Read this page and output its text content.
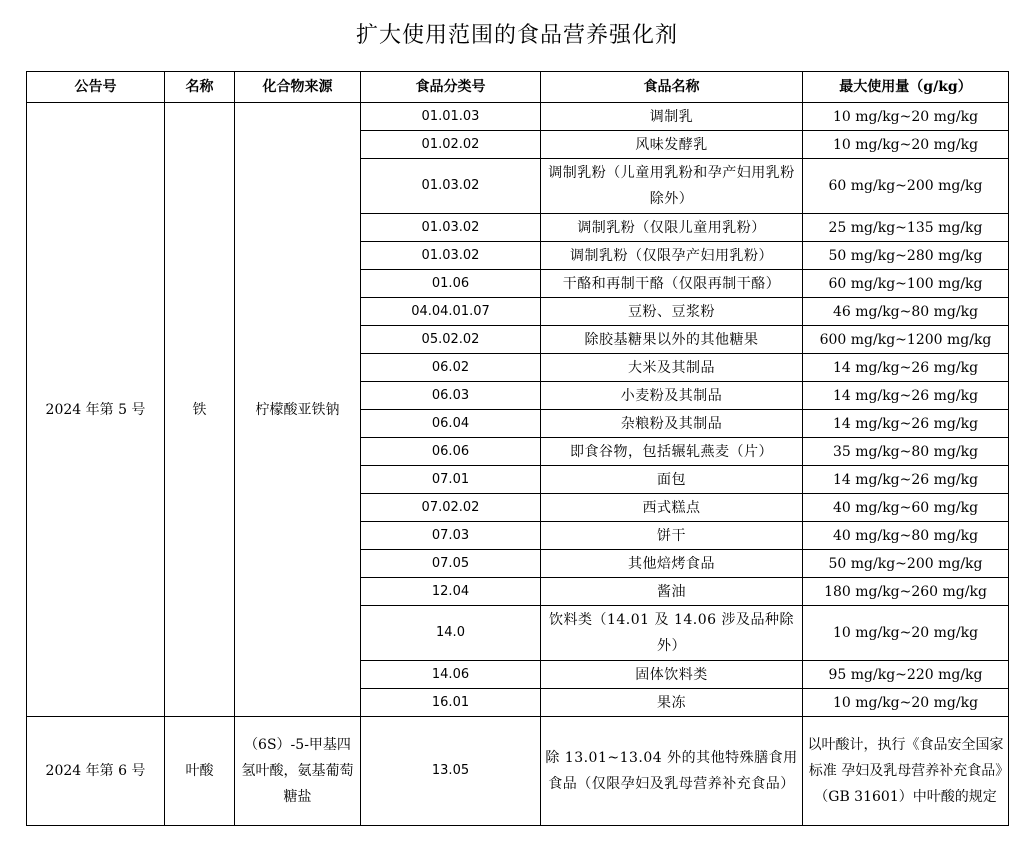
扩大使用范围的食品营养强化剂
公告号	名称	化合物来源	食品分类号	食品名称	最大使用量（g/kg）
2024 年第 5 号	铁	柠檬酸亚铁钠	01.01.03	调制乳	10 mg/kg~20 mg/kg
			01.02.02	风味发酵乳	10 mg/kg~20 mg/kg
			01.03.02	调制乳粉（儿童用乳粉和孕产妇用乳粉除外）	60 mg/kg~200 mg/kg
			01.03.02	调制乳粉（仅限儿童用乳粉）	25 mg/kg~135 mg/kg
			01.03.02	调制乳粉（仅限孕产妇用乳粉）	50 mg/kg~280 mg/kg
			01.06	干酪和再制干酪（仅限再制干酪）	60 mg/kg~100 mg/kg
			04.04.01.07	豆粉、豆浆粉	46 mg/kg~80 mg/kg
			05.02.02	除胶基糖果以外的其他糖果	600 mg/kg~1200 mg/kg
			06.02	大米及其制品	14 mg/kg~26 mg/kg
			06.03	小麦粉及其制品	14 mg/kg~26 mg/kg
			06.04	杂粮粉及其制品	14 mg/kg~26 mg/kg
			06.06	即食谷物，包括辗轧燕麦（片）	35 mg/kg~80 mg/kg
			07.01	面包	14 mg/kg~26 mg/kg
			07.02.02	西式糕点	40 mg/kg~60 mg/kg
			07.03	饼干	40 mg/kg~80 mg/kg
			07.05	其他焙烤食品	50 mg/kg~200 mg/kg
			12.04	酱油	180 mg/kg~260 mg/kg
			14.0	饮料类（14.01 及 14.06 涉及品种除外）	10 mg/kg~20 mg/kg
			14.06	固体饮料类	95 mg/kg~220 mg/kg
			16.01	果冻	10 mg/kg~20 mg/kg
2024 年第 6 号	叶酸	（6S）-5-甲基四氢叶酸，氨基葡萄糖盐	13.05	除 13.01~13.04 外的其他特殊膳食用食品（仅限孕妇及乳母营养补充食品）	以叶酸计，执行《食品安全国家标准 孕妇及乳母营养补充食品》（GB 31601）中叶酸的规定
